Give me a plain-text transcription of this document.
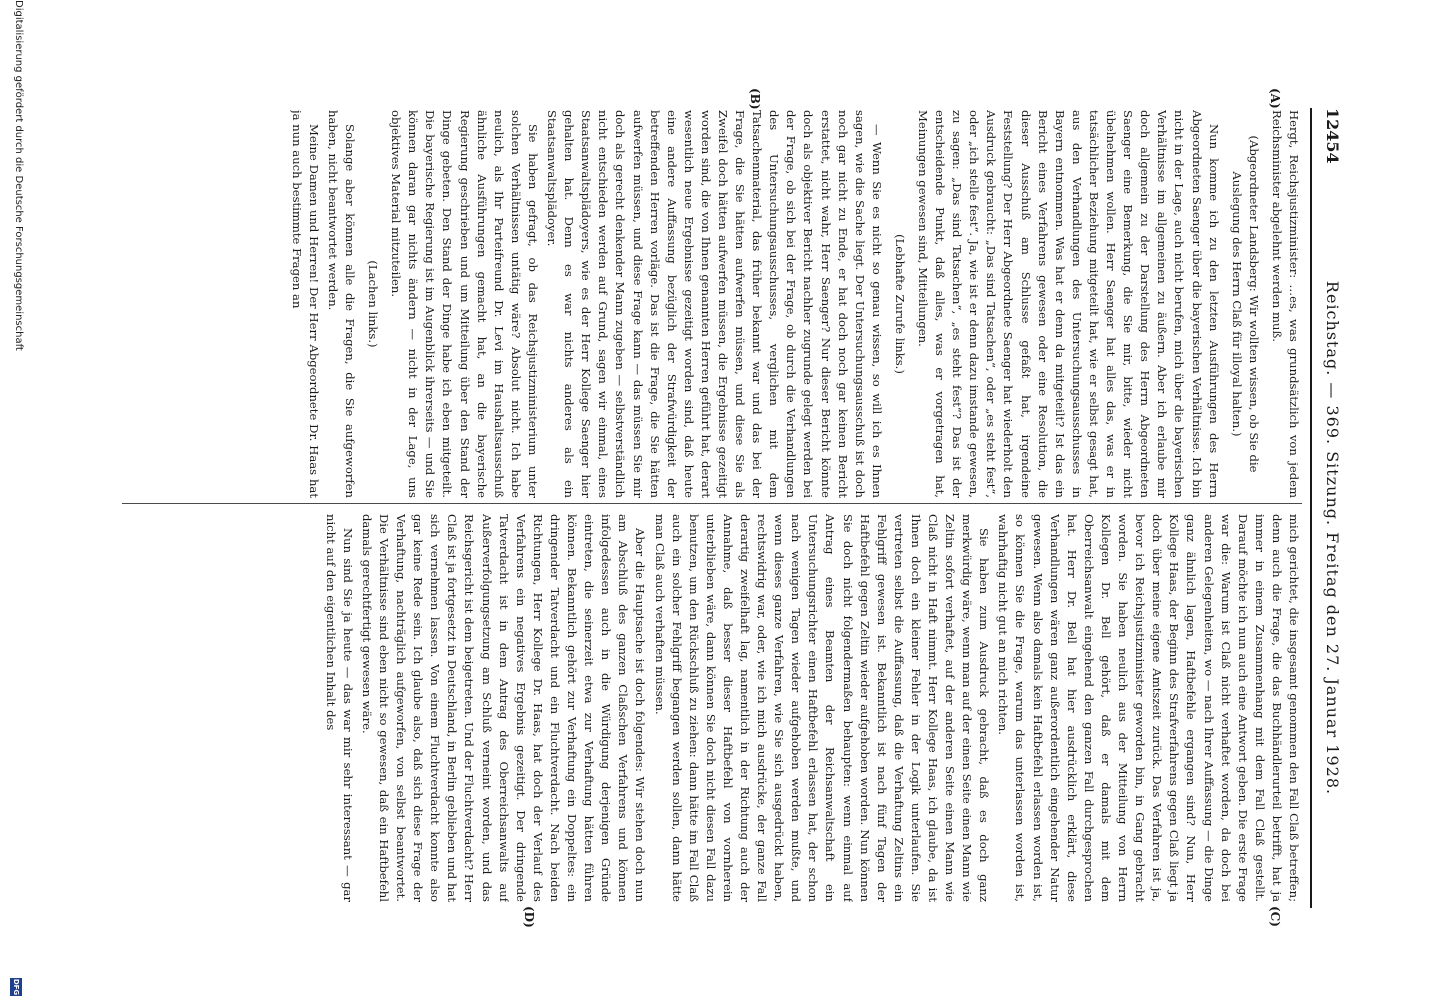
12454
Reichstag. — 369. Sitzung. Freitag den 27. Januar 1928.
(A)
(B)
(C)
(D)

Hergt, Reichsjustizminister: …es, was grundsätzlich von jedem Reichsminister abgelehnt werden muß.

(Abgeordneter Landsberg: Wir wollten wissen, ob Sie die Auslegung des Herrn Claß für illoyal halten.)

Nun komme ich zu den letzten Ausführungen des Herrn Abgeordneten Saenger über die bayerischen Verhältnisse. Ich bin nicht in der Lage, auch nicht berufen, mich über die bayerischen Verhältnisse im allgemeinen zu äußern. Aber ich erlaube mir doch allgemein zu der Darstellung des Herrn Abgeordneten Saenger eine Bemerkung, die Sie mir, bitte, wieder nicht übelnehmen wollen. Herr Saenger hat alles das, was er in tatsächlicher Beziehung mitgeteilt hat, wie er selbst gesagt hat, aus den Verhandlungen des Untersuchungsausschusses in Bayern entnommen. Was hat er denn da mitgeteilt? Ist das ein Bericht eines Verfahrens gewesen oder eine Resolution, die dieser Ausschuß am Schlusse gefaßt hat, irgendeine Feststellung? Der Herr Abgeordnete Saenger hat wiederholt den Ausdruck gebraucht: „Das sind Tatsachen“, oder „es steht fest“, oder „ich stelle fest“. Ja, wie ist er denn dazu imstande gewesen, zu sagen: „Das sind Tatsachen“, „es steht fest“? Das ist der entscheidende Punkt, daß alles, was er vorgetragen hat, Meinungen gewesen sind, Mitteilungen.

(Lebhafte Zurufe links.)

— Wenn Sie es nicht so genau wissen, so will ich es Ihnen sagen, wie die Sache liegt. Der Untersuchungsausschuß ist doch noch gar nicht zu Ende, er hat doch noch gar keinen Bericht erstattet, nicht wahr, Herr Saenger? Nur dieser Bericht könnte doch als objektiver Bericht nachher zugrunde gelegt werden bei der Frage, ob sich bei der Frage, ob durch die Verhandlungen des Untersuchungsausschusses, verglichen mit dem Tatsachenmaterial, das früher bekannt war und das bei der Frage, die Sie hätten aufwerfen müssen, und diese Sie als Zweifel doch hätten aufwerfen müssen, die Ergebnisse gezeitigt worden sind, die von Ihnen genannten Herren geführt hat, derart wesentlich neue Ergebnisse gezeitigt worden sind, daß heute eine andere Auffassung bezüglich der Strafwürdigkeit der betreffenden Herren vorläge. Das ist die Frage, die Sie hätten aufwerfen müssen, und diese Frage kann — das müssen Sie mir doch als gerecht denkender Mann zugeben — selbstverständlich nicht entschieden werden auf Grund, sagen wir einmal, eines Staatsanwaltsplädoyers, wie es der Herr Kollege Saenger hier gehalten hat. Denn es war nichts anderes als ein Staatsanwaltsplädoyer.

Sie haben gefragt, ob das Reichsjustizministerium unter solchen Verhältnissen untätig wäre? Absolut nicht. Ich habe neulich, als Ihr Parteifreund Dr. Levi im Haushaltsausschuß ähnliche Ausführungen gemacht hat, an die bayerische Regierung geschrieben und um Mitteilung über den Stand der Dinge gebeten. Den Stand der Dinge habe ich eben mitgeteilt. Die bayerische Regierung ist im Augenblick ihrerseits — und Sie können daran gar nichts ändern — nicht in der Lage, uns objektives Material mitzuteilen.

(Lachen links.)

Solange aber können alle die Fragen, die Sie aufgeworfen haben, nicht beantwortet werden.

Meine Damen und Herren! Der Herr Abgeordnete Dr. Haas hat ja nun auch bestimmte Fragen an

mich gerichtet, die insgesamt genommen den Fall Claß betreffen; denn auch die Frage, die das Buchhändlerurteil betrifft, hat ja immer in einem Zusammenhang mit dem Fall Claß gestellt. Darauf möchte ich nun auch eine Antwort geben. Die erste Frage war die: Warum ist Claß nicht verhaftet worden, da doch bei anderen Gelegenheiten, wo — nach Ihrer Auffassung — die Dinge ganz ähnlich lagen, Haftbefehle ergangen sind? Nun, Herr Kollege Haas, der Beginn des Strafverfahrens gegen Claß liegt ja doch über meine eigene Amtszeit zurück. Das Verfahren ist ja, bevor ich Reichsjustizminister geworden bin, in Gang gebracht worden. Sie haben neulich aus der Mitteilung von Herrn Kollegen Dr. Bell gehört, daß er damals mit dem Oberreichsanwalt eingehend den ganzen Fall durchgesprochen hat. Herr Dr. Bell hat hier ausdrücklich erklärt, diese Verhandlungen wären ganz außerordentlich eingehender Natur gewesen. Wenn also damals kein Haftbefehl erlassen worden ist, so können Sie die Frage, warum das unterlassen worden ist, wahrhaftig nicht gut an mich richten.

Sie haben zum Ausdruck gebracht, daß es doch ganz merkwürdig wäre, wenn man auf der einen Seite einen Mann wie Zeltin sofort verhaftet, auf der anderen Seite einen Mann wie Claß nicht in Haft nimmt. Herr Kollege Haas, ich glaube, da ist Ihnen doch ein kleiner Fehler in der Logik unterlaufen. Sie vertreten selbst die Auffassung, daß die Verhaftung Zeltins ein Fehlgriff gewesen ist. Bekanntlich ist nach fünf Tagen der Haftbefehl gegen Zeltin wieder aufgehoben worden. Nun können Sie doch nicht folgendermaßen behaupten: wenn einmal auf Antrag eines Beamten der Reichsanwaltschaft ein Untersuchungsrichter einen Haftbefehl erlassen hat, der schon nach wenigen Tagen wieder aufgehoben werden mußte, und wenn dieses ganze Verfahren, wie Sie sich ausgedrückt haben, rechtswidrig war, oder, wie ich mich ausdrücke, der ganze Fall derartig zweifelhaft lag, namentlich in der Richtung auch der Annahme, daß besser dieser Haftbefehl von vornherein unterblieben wäre, dann können Sie doch nicht diesen Fall dazu benutzen, um den Rückschluß zu ziehen: dann hätte im Fall Claß auch ein solcher Fehlgriff begangen werden sollen, dann hätte man Claß auch verhaften müssen.

Aber die Hauptsache ist doch folgendes: Wir stehen doch nun am Abschluß des ganzen Claßschen Verfahrens und können infolgedessen auch in die Würdigung derjenigen Gründe eintreten, die seinerzeit etwa zur Verhaftung hätten führen können. Bekanntlich gehört zur Verhaftung ein Doppeltes: ein dringender Tatverdacht und ein Fluchtverdacht. Nach beiden Richtungen, Herr Kollege Dr. Haas, hat doch der Verlauf des Verfahrens ein negatives Ergebnis gezeitigt. Der dringende Tatverdacht ist in dem Antrag des Oberreichsanwalts auf Außerverfolgungsetzung am Schluß verneint worden, und das Reichsgericht ist dem beigetreten. Und der Fluchtverdacht? Herr Claß ist ja fortgesetzt in Deutschland, in Berlin geblieben und hat sich vernehmen lassen. Von einem Fluchtverdacht konnte also gar keine Rede sein. Ich glaube also, daß sich diese Frage der Verhaftung, nachträglich aufgeworfen, von selbst beantwortet. Die Verhältnisse sind eben nicht so gewesen, daß ein Haftbefehl damals gerechtfertigt gewesen wäre.

Nun sind Sie ja heute — das war mir sehr interessant — gar nicht auf den eigentlichen Inhalt des

Digitalisierung gefördert durch die Deutsche Forschungsgemeinschaft
DFG
